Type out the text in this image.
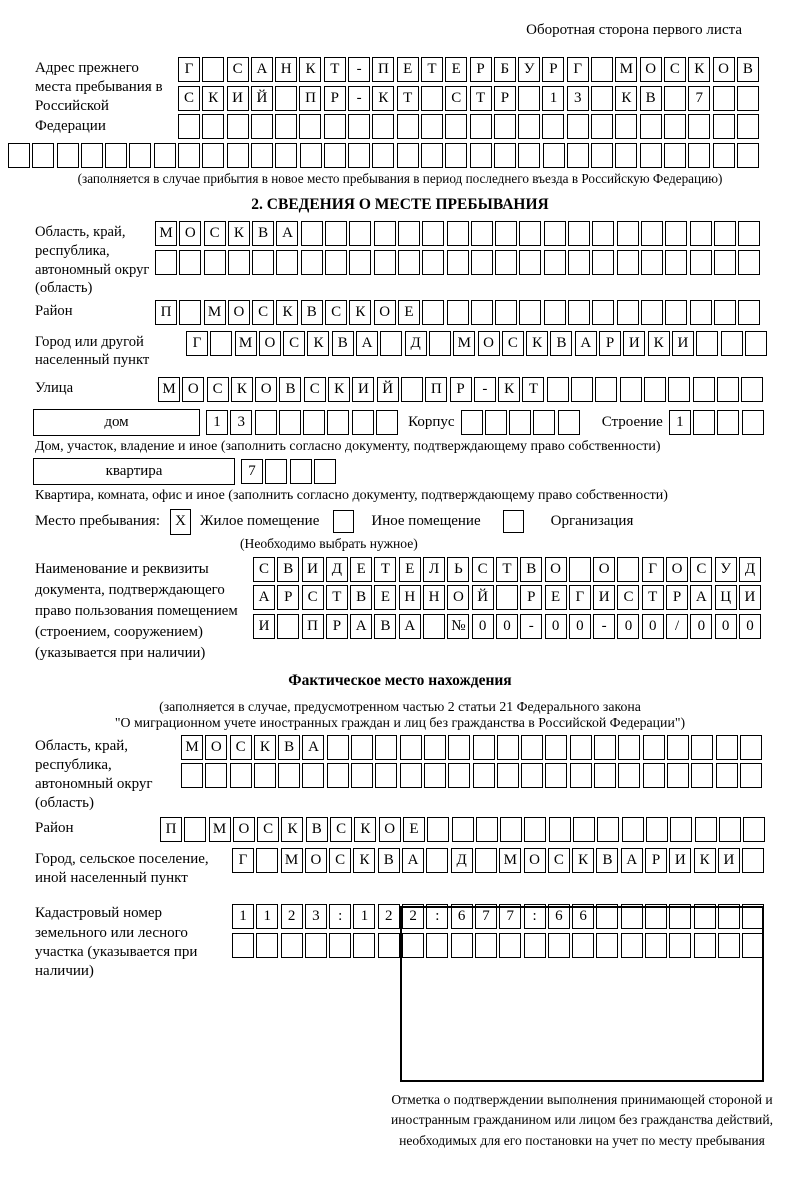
Оборотная сторона первого листа
Адрес прежнего места пребывания в Российской Федерации
Г	С А Н К Т	-	П Е	Т	Е	Р	Б У Р	Г	М О С К О В
С К И Й	П Р	-	К Т	С Т	Р	1	3	К В	7
(заполняется в случае прибытия в новое место пребывания в период последнего въезда в Российскую Федерацию)
2. СВЕДЕНИЯ О МЕСТЕ ПРЕБЫВАНИЯ
Область, край, республика, автономный округ (область)
М О С К В А
Район	П	М О С К В С К О Е
Город или другой населенный пункт
Г	М О С К В А	Д	М О С К В А Р И К И
Улица	М О С К О В С К И Й	П Р	-	К Т
дом	1	3	Корпус	Строение 1
Дом, участок, владение и иное (заполнить согласно документу, подтверждающему право собственности)
квартира	7
Квартира, комната, офис и иное (заполнить согласно документу, подтверждающему право собственности)
Место пребывания:	X Жилое помещение	Иное помещение	Организация
(Необходимо выбрать нужное)
Наименование и реквизиты документа, подтверждающего право пользования помещением (строением, сооружением) (указывается при наличии)
С В И Д Е	Т	Е Л Ь С Т В О	О	Г О С У Д
А Р	С Т В Е Н Н О Й	Р	Е	Г И С Т	Р А Ц И
И	П Р А В А	№ 0	0	-	0	0	-	0	0	/	0	0	0
Фактическое место нахождения
(заполняется в случае, предусмотренном частью 2 статьи 21 Федерального закона
"О миграционном учете иностранных граждан и лиц без гражданства в Российской Федерации")
Область, край, республика, автономный округ (область)
М О С К В А
Район	П	М О С К В С К О Е
Город, сельское поселение, иной населенный пункт
Г	М О С К В А	Д	М О С К В А Р И К И
Кадастровый номер земельного или лесного участка (указывается при наличии)
1	1	2	3	:	1	2	2	:	6	7	7	:	6	6
Отметка о подтверждении выполнения принимающей стороной и иностранным гражданином или лицом без гражданства действий, необходимых для его постановки на учет по месту пребывания
